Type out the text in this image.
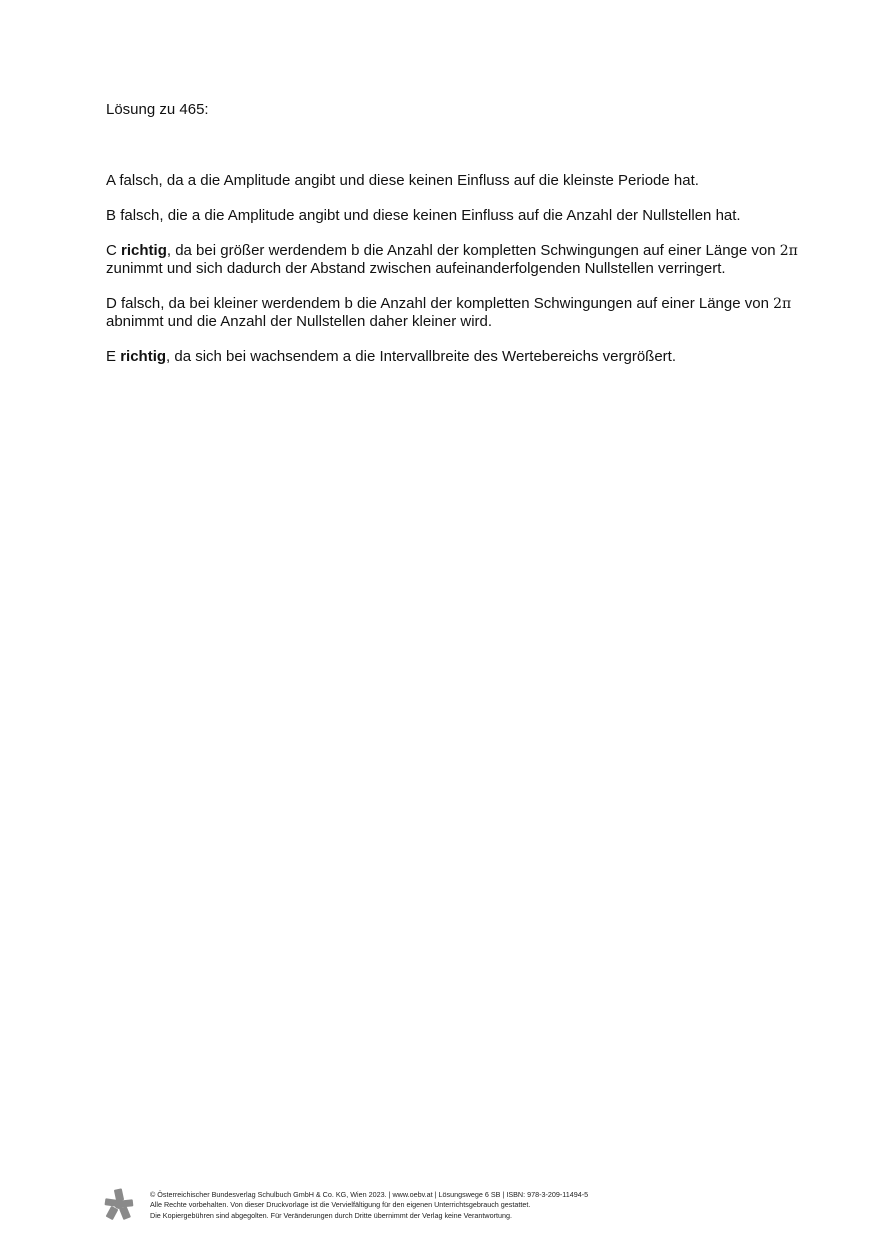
Lösung zu 465:

A falsch, da a die Amplitude angibt und diese keinen Einfluss auf die kleinste Periode hat.

B falsch, die a die Amplitude angibt und diese keinen Einfluss auf die Anzahl der Nullstellen hat.

C richtig, da bei größer werdendem b die Anzahl der kompletten Schwingungen auf einer Länge von 2π zunimmt und sich dadurch der Abstand zwischen aufeinanderfolgenden Nullstellen verringert.

D falsch, da bei kleiner werdendem b die Anzahl der kompletten Schwingungen auf einer Länge von 2π abnimmt und die Anzahl der Nullstellen daher kleiner wird.

E richtig, da sich bei wachsendem a die Intervallbreite des Wertebereichs vergrößert.

© Österreichischer Bundesverlag Schulbuch GmbH & Co. KG, Wien 2023. | www.oebv.at | Lösungswege 6 SB | ISBN: 978-3-209-11494-5
Alle Rechte vorbehalten. Von dieser Druckvorlage ist die Vervielfältigung für den eigenen Unterrichtsgebrauch gestattet.
Die Kopiergebühren sind abgegolten. Für Veränderungen durch Dritte übernimmt der Verlag keine Verantwortung.
